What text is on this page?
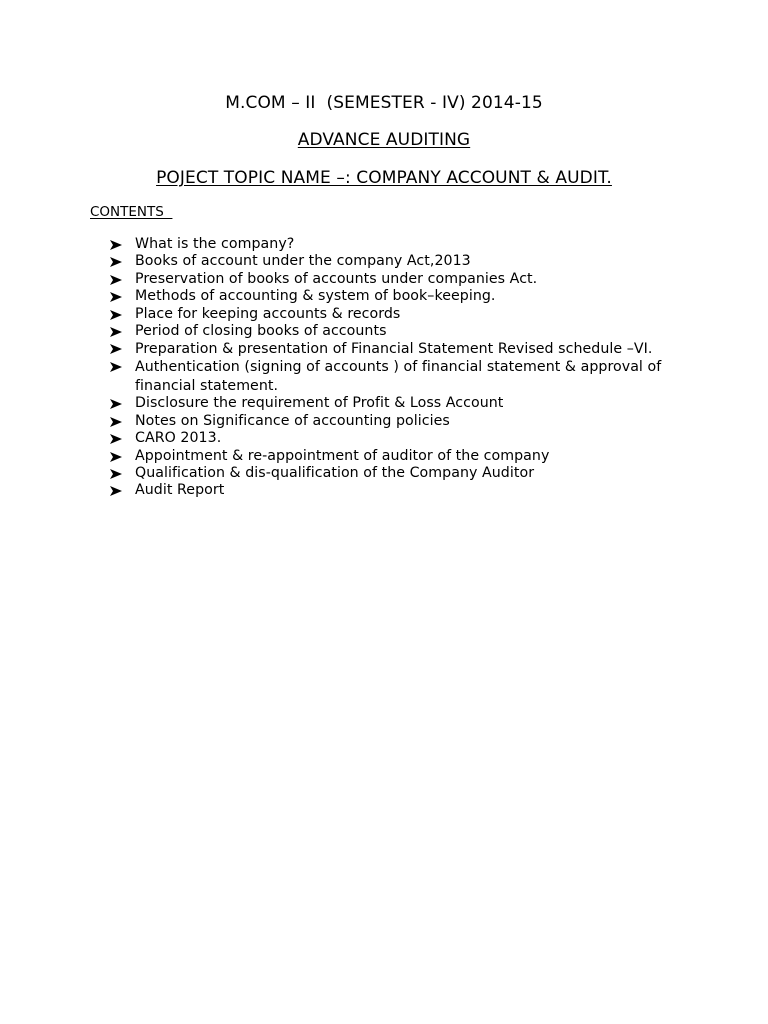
M.COM – II  (SEMESTER - IV) 2014-15
ADVANCE AUDITING
POJECT TOPIC NAME –: COMPANY ACCOUNT & AUDIT.
CONTENTS
What is the company?
Books of account under the company Act,2013
Preservation of books of accounts under companies Act.
Methods of accounting & system of book–keeping.
Place for keeping accounts & records
Period of closing books of accounts
Preparation & presentation of Financial Statement Revised schedule –VI.
Authentication (signing of accounts ) of financial statement & approval of financial statement.
Disclosure the requirement of Profit & Loss Account
Notes on Significance of accounting policies
CARO 2013.
Appointment & re-appointment of auditor of the company
Qualification & dis-qualification of the Company Auditor
Audit Report
